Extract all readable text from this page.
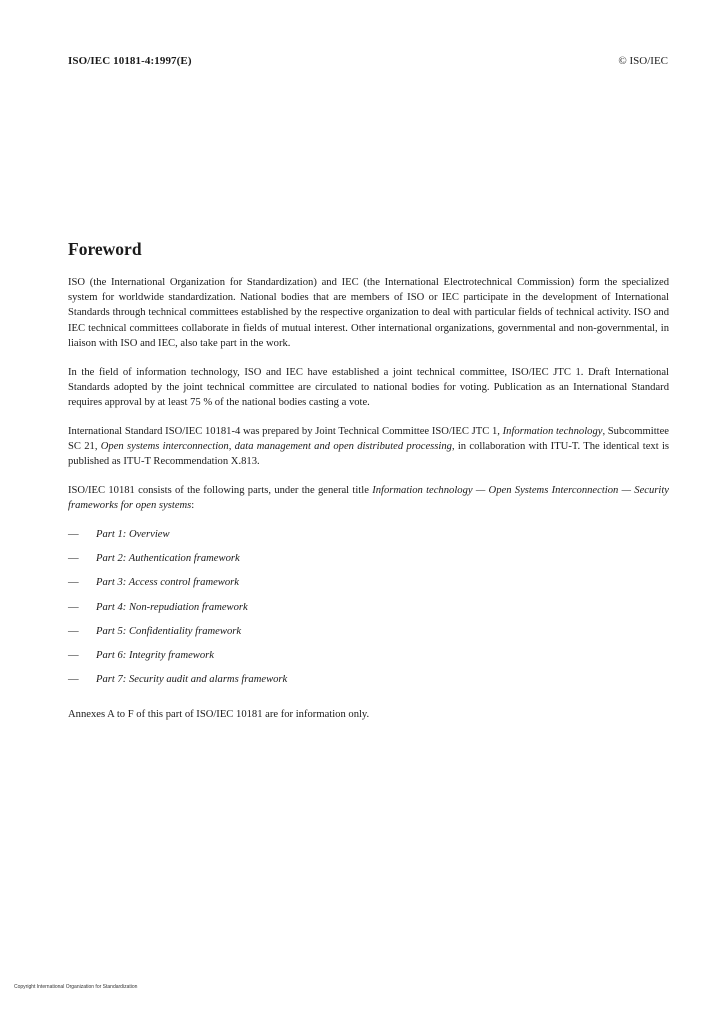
ISO/IEC 10181-4:1997(E)	© ISO/IEC
Foreword

ISO (the International Organization for Standardization) and IEC (the International Electrotechnical Commission) form the specialized system for worldwide standardization. National bodies that are members of ISO or IEC participate in the development of International Standards through technical committees established by the respective organization to deal with particular fields of technical activity. ISO and IEC technical committees collaborate in fields of mutual interest. Other international organizations, governmental and non-governmental, in liaison with ISO and IEC, also take part in the work.

In the field of information technology, ISO and IEC have established a joint technical committee, ISO/IEC JTC 1. Draft International Standards adopted by the joint technical committee are circulated to national bodies for voting. Publication as an International Standard requires approval by at least 75 % of the national bodies casting a vote.

International Standard ISO/IEC 10181-4 was prepared by Joint Technical Committee ISO/IEC JTC 1, Information technology, Subcommittee SC 21, Open systems interconnection, data management and open distributed processing, in collaboration with ITU-T. The identical text is published as ITU-T Recommendation X.813.

ISO/IEC 10181 consists of the following parts, under the general title Information technology — Open Systems Interconnection — Security frameworks for open systems:

—	Part 1: Overview
—	Part 2: Authentication framework
—	Part 3: Access control framework
—	Part 4: Non-repudiation framework
—	Part 5: Confidentiality framework
—	Part 6: Integrity framework
—	Part 7: Security audit and alarms framework

Annexes A to F of this part of ISO/IEC 10181 are for information only.

Copyright International Organization for Standardization
